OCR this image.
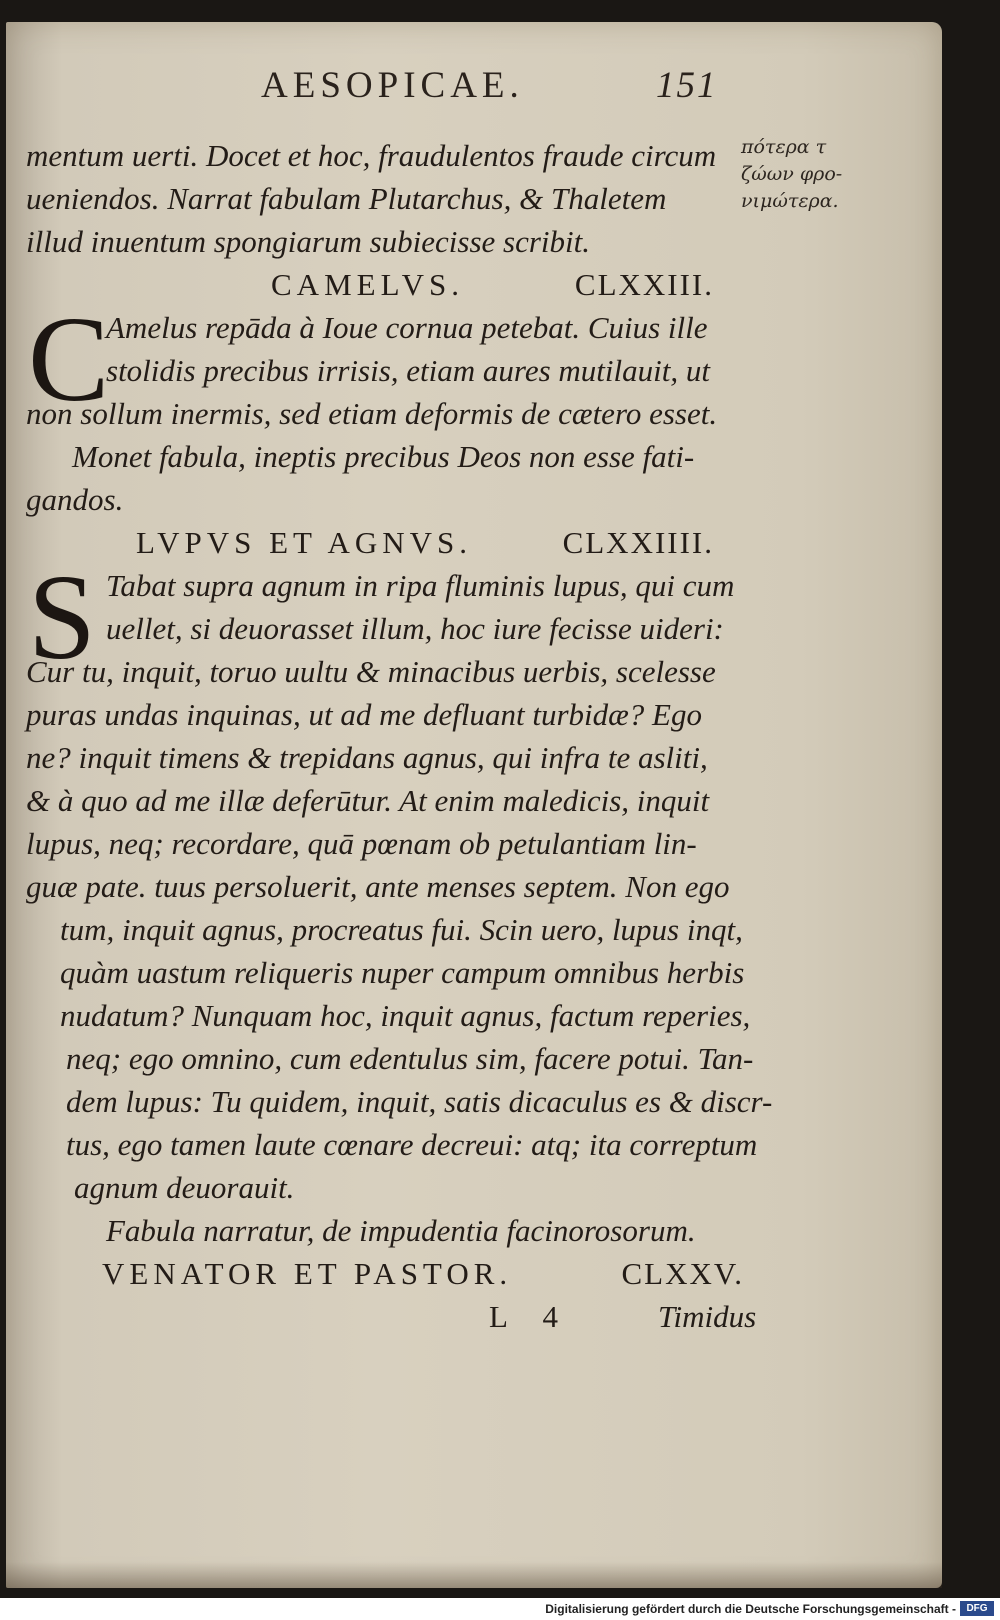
AESOPICAE.	151
πότερα τ
ζώων φρο-
νιμώτερα.
mentum uerti. Docet et hoc, fraudulentos fraude circum
ueniendos. Narrat fabulam Plutarchus, & Thaletem
illud inuentum spongiarum subiecisse scribit.
CAMELVS.	CLXXIII.
C
Amelus repāda à Ioue cornua petebat. Cuius ille
stolidis precibus irrisis, etiam aures mutilauit, ut
non sollum inermis, sed etiam deformis de cætero esset.
Monet fabula, ineptis precibus Deos non esse fati-
gandos.
LVPVS ET AGNVS.	CLXXIIII.
S Tabat supra agnum in ripa fluminis lupus, qui cum
uellet, si deuorasset illum, hoc iure fecisse uideri:
Cur tu, inquit, toruo uultu & minacibus uerbis, scelesse
puras undas inquinas, ut ad me defluant turbidæ? Ego
ne? inquit timens & trepidans agnus, qui infra te asliti,
& à quo ad me illæ deferūtur. At enim maledicis, inquit
lupus, neq; recordare, quā pœnam ob petulantiam lin-
guæ pate. tuus persoluerit, ante menses septem. Non ego
tum, inquit agnus, procreatus fui. Scin uero, lupus inqt,
quàm uastum reliqueris nuper campum omnibus herbis
nudatum? Nunquam hoc, inquit agnus, factum reperies,
neq; ego omnino, cum edentulus sim, facere potui. Tan-
dem lupus: Tu quidem, inquit, satis dicaculus es & discr-
tus, ego tamen laute cœnare decreui: atq; ita correptum
agnum deuorauit.
Fabula narratur, de impudentia facinorosorum.
VENATOR ET PASTOR.	CLXXV.
L 4	Timidus
Digitalisierung gefördert durch die Deutsche Forschungsgemeinschaft -	DFG
